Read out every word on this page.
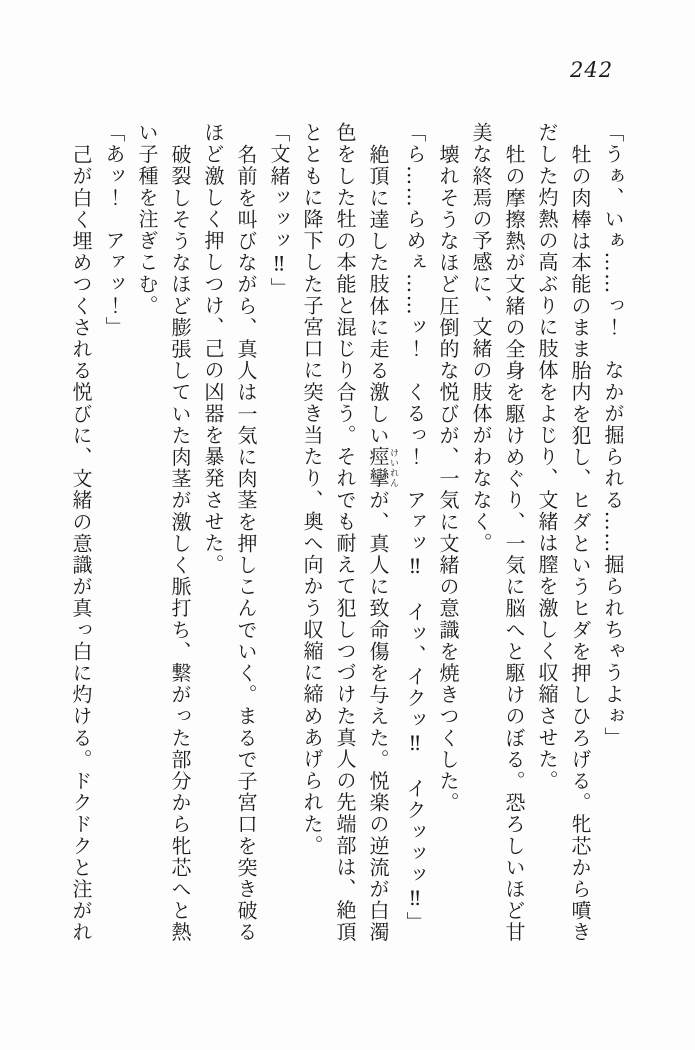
242

「うぁ、いぁ……っ！　なかが掘られる……掘られちゃうよぉ」

牡の肉棒は本能のまま胎内を犯し、ヒダというヒダを押しひろげる。牝芯から噴きだした灼熱の高ぶりに肢体をよじり、文緒は膣を激しく収縮させた。

牡の摩擦熱が文緒の全身を駆けめぐり、一気に脳へと駆けのぼる。恐ろしいほど甘美な終焉の予感に、文緒の肢体がわななく。

壊れそうなほど圧倒的な悦びが、一気に文緒の意識を焼きつくした。

「ら……らめぇ……ッ！　くるっ！　アァッ‼　イッ、イクッ‼　イクッッッ‼」

絶頂に達した肢体に走る激しい痙攣けいれんが、真人に致命傷を与えた。悦楽の逆流が白濁色をした牡の本能と混じり合う。それでも耐えて犯しつづけた真人の先端部は、絶頂とともに降下した子宮口に突き当たり、奥へ向かう収縮に締めあげられた。

「文緒ッッッ‼」

名前を叫びながら、真人は一気に肉茎を押しこんでいく。まるで子宮口を突き破るほど激しく押しつけ、己の凶器を暴発させた。

破裂しそうなほど膨張していた肉茎が激しく脈打ち、繋がった部分から牝芯へと熱い子種を注ぎこむ。

「あッ！　アァッ！」

己が白く埋めつくされる悦びに、文緒の意識が真っ白に灼ける。ドクドクと注がれ
